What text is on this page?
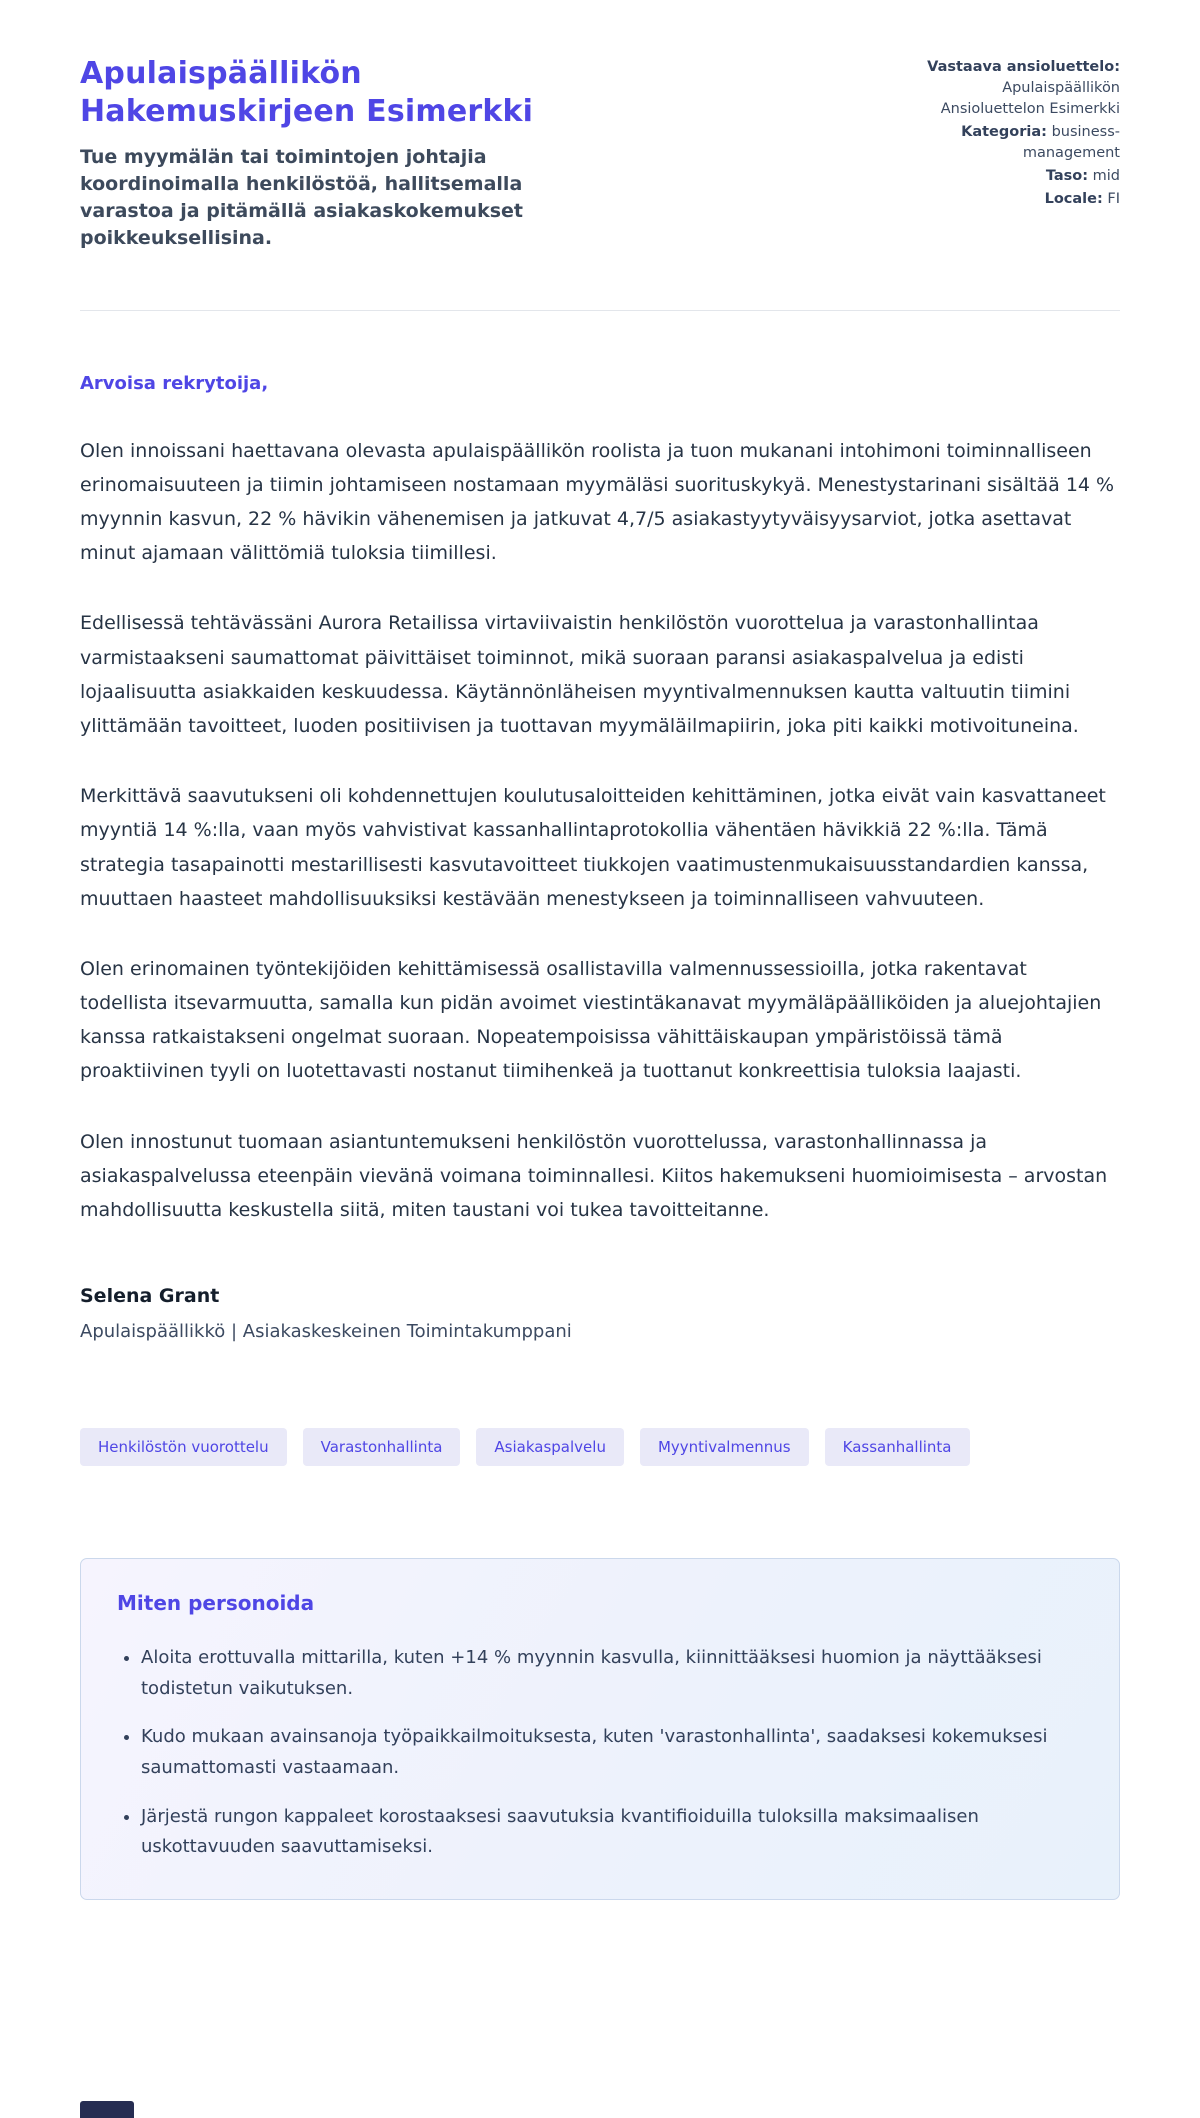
Apulaispäällikön Hakemuskirjeen Esimerkki

Tue myymälän tai toimintojen johtajia koordinoimalla henkilöstöä, hallitsemalla varastoa ja pitämällä asiakaskokemukset poikkeuksellisina.

Vastaava ansioluettelo: Apulaispäällikön Ansioluettelon Esimerkki
Kategoria: business-management
Taso: mid
Locale: FI

Arvoisa rekrytoija,

Olen innoissani haettavana olevasta apulaispäällikön roolista ja tuon mukanani intohimoni toiminnalliseen erinomaisuuteen ja tiimin johtamiseen nostamaan myymäläsi suorituskykyä. Menestystarinani sisältää 14 % myynnin kasvun, 22 % hävikin vähenemisen ja jatkuvat 4,7/5 asiakastyytyväisyysarviot, jotka asettavat minut ajamaan välittömiä tuloksia tiimillesi.

Edellisessä tehtävässäni Aurora Retailissa virtaviivaistin henkilöstön vuorottelua ja varastonhallintaa varmistaakseni saumattomat päivittäiset toiminnot, mikä suoraan paransi asiakaspalvelua ja edisti lojaalisuutta asiakkaiden keskuudessa. Käytännönläheisen myyntivalmennuksen kautta valtuutin tiimini ylittämään tavoitteet, luoden positiivisen ja tuottavan myymäläilmapiirin, joka piti kaikki motivoituneina.

Merkittävä saavutukseni oli kohdennettujen koulutusaloitteiden kehittäminen, jotka eivät vain kasvattaneet myyntiä 14 %:lla, vaan myös vahvistivat kassanhallintaprotokollia vähentäen hävikkiä 22 %:lla. Tämä strategia tasapainotti mestarillisesti kasvutavoitteet tiukkojen vaatimustenmukaisuusstandardien kanssa, muuttaen haasteet mahdollisuuksiksi kestävään menestykseen ja toiminnalliseen vahvuuteen.

Olen erinomainen työntekijöiden kehittämisessä osallistavilla valmennussessioilla, jotka rakentavat todellista itsevarmuutta, samalla kun pidän avoimet viestintäkanavat myymäläpäälliköiden ja aluejohtajien kanssa ratkaistakseni ongelmat suoraan. Nopeatempoisissa vähittäiskaupan ympäristöissä tämä proaktiivinen tyyli on luotettavasti nostanut tiimihenkeä ja tuottanut konkreettisia tuloksia laajasti.

Olen innostunut tuomaan asiantuntemukseni henkilöstön vuorottelussa, varastonhallinnassa ja asiakaspalvelussa eteenpäin vievänä voimana toiminnallesi. Kiitos hakemukseni huomioimisesta – arvostan mahdollisuutta keskustella siitä, miten taustani voi tukea tavoitteitanne.

Selena Grant

Apulaispäällikkö | Asiakaskeskeinen Toimintakumppani

Henkilöstön vuorottelu	Varastonhallinta	Asiakaspalvelu	Myyntivalmennus	Kassanhallinta
Miten personoida
• Aloita erottuvalla mittarilla, kuten +14 % myynnin kasvulla, kiinnittääksesi huomion ja näyttääksesi todistetun vaikutuksen.
• Kudo mukaan avainsanoja työpaikkailmoituksesta, kuten 'varastonhallinta', saadaksesi kokemuksesi saumattomasti vastaamaan.
• Järjestä rungon kappaleet korostaaksesi saavutuksia kvantifioiduilla tuloksilla maksimaalisen uskottavuuden saavuttamiseksi.
